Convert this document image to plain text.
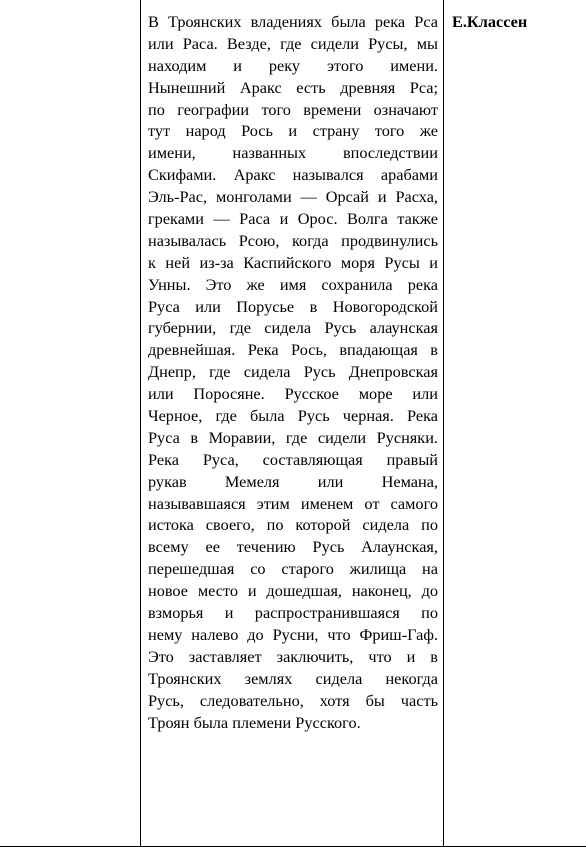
В Троянских владениях была река Рса
или Раса. Везде, где сидели Русы, мы
находим и реку этого имени.
Нынешний Аракс есть древняя Рса;
по географии того времени означают
тут народ Рось и страну того же
имени, названных впоследствии
Скифами. Аракс назывался арабами
Эль-Рас, монголами — Орсай и Расха,
греками — Раса и Орос. Волга также
называлась Рсою, когда продвинулись
к ней из-за Каспийского моря Русы и
Унны. Это же имя сохранила река
Руса или Порусье в Новогородской
губернии, где сидела Русь алаунская
древнейшая. Река Рось, впадающая в
Днепр, где сидела Русь Днепровская
или Поросяне. Русское море или
Черное, где была Русь черная. Река
Руса в Моравии, где сидели Русняки.
Река Руса, составляющая правый
рукав Мемеля или Немана,
называвшаяся этим именем от самого
истока своего, по которой сидела по
всему ее течению Русь Алаунская,
перешедшая со старого жилища на
новое место и дошедшая, наконец, до
взморья и распространившаяся по
нему налево до Русни, что Фриш-Гаф.
Это заставляет заключить, что и в
Троянских землях сидела некогда
Русь, следовательно, хотя бы часть
Троян была племени Русского.
Е.Классен
